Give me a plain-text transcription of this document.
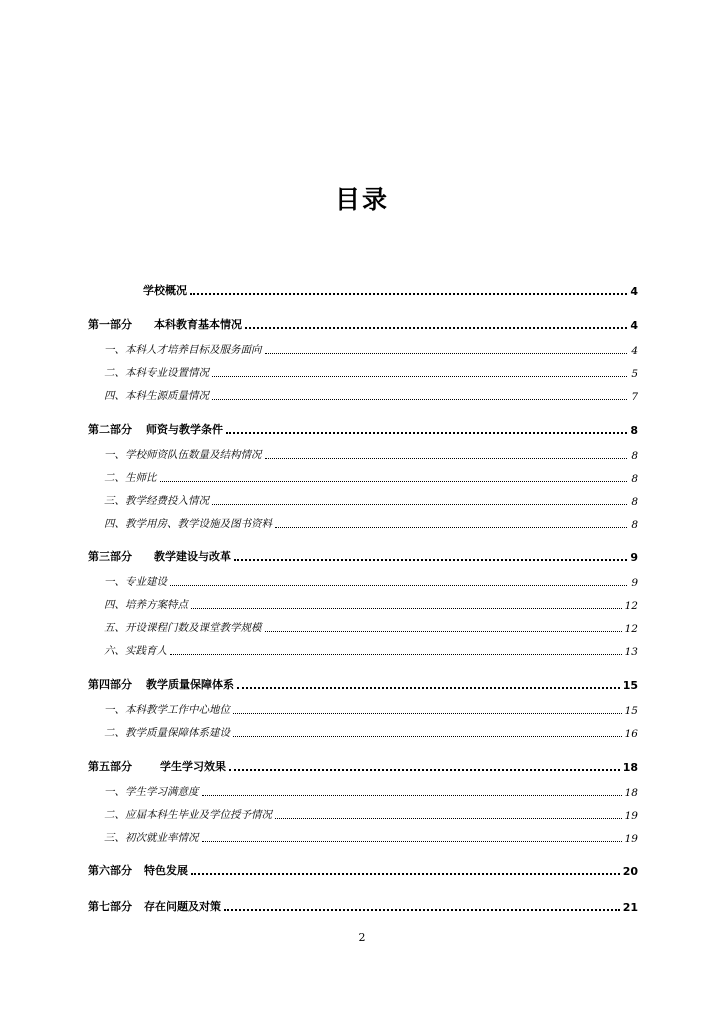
目录
学校概况	4
第一部分 本科教育基本情况	4
一、本科人才培养目标及服务面向	4
二、本科专业设置情况	5
四、本科生源质量情况	7
第二部分 师资与教学条件	8
一、学校师资队伍数量及结构情况	8
二、生师比	8
三、教学经费投入情况	8
四、教学用房、教学设施及图书资料	8
第三部分 教学建设与改革	9
一、专业建设	9
四、培养方案特点	12
五、开设课程门数及课堂教学规模	12
六、实践育人	13
第四部分 教学质量保障体系	15
一、本科教学工作中心地位	15
二、教学质量保障体系建设	16
第五部分	学生学习效果	18
一、学生学习满意度	18
二、应届本科生毕业及学位授予情况	19
三、初次就业率情况	19
第六部分 特色发展	20
第七部分 存在问题及对策	21
2
